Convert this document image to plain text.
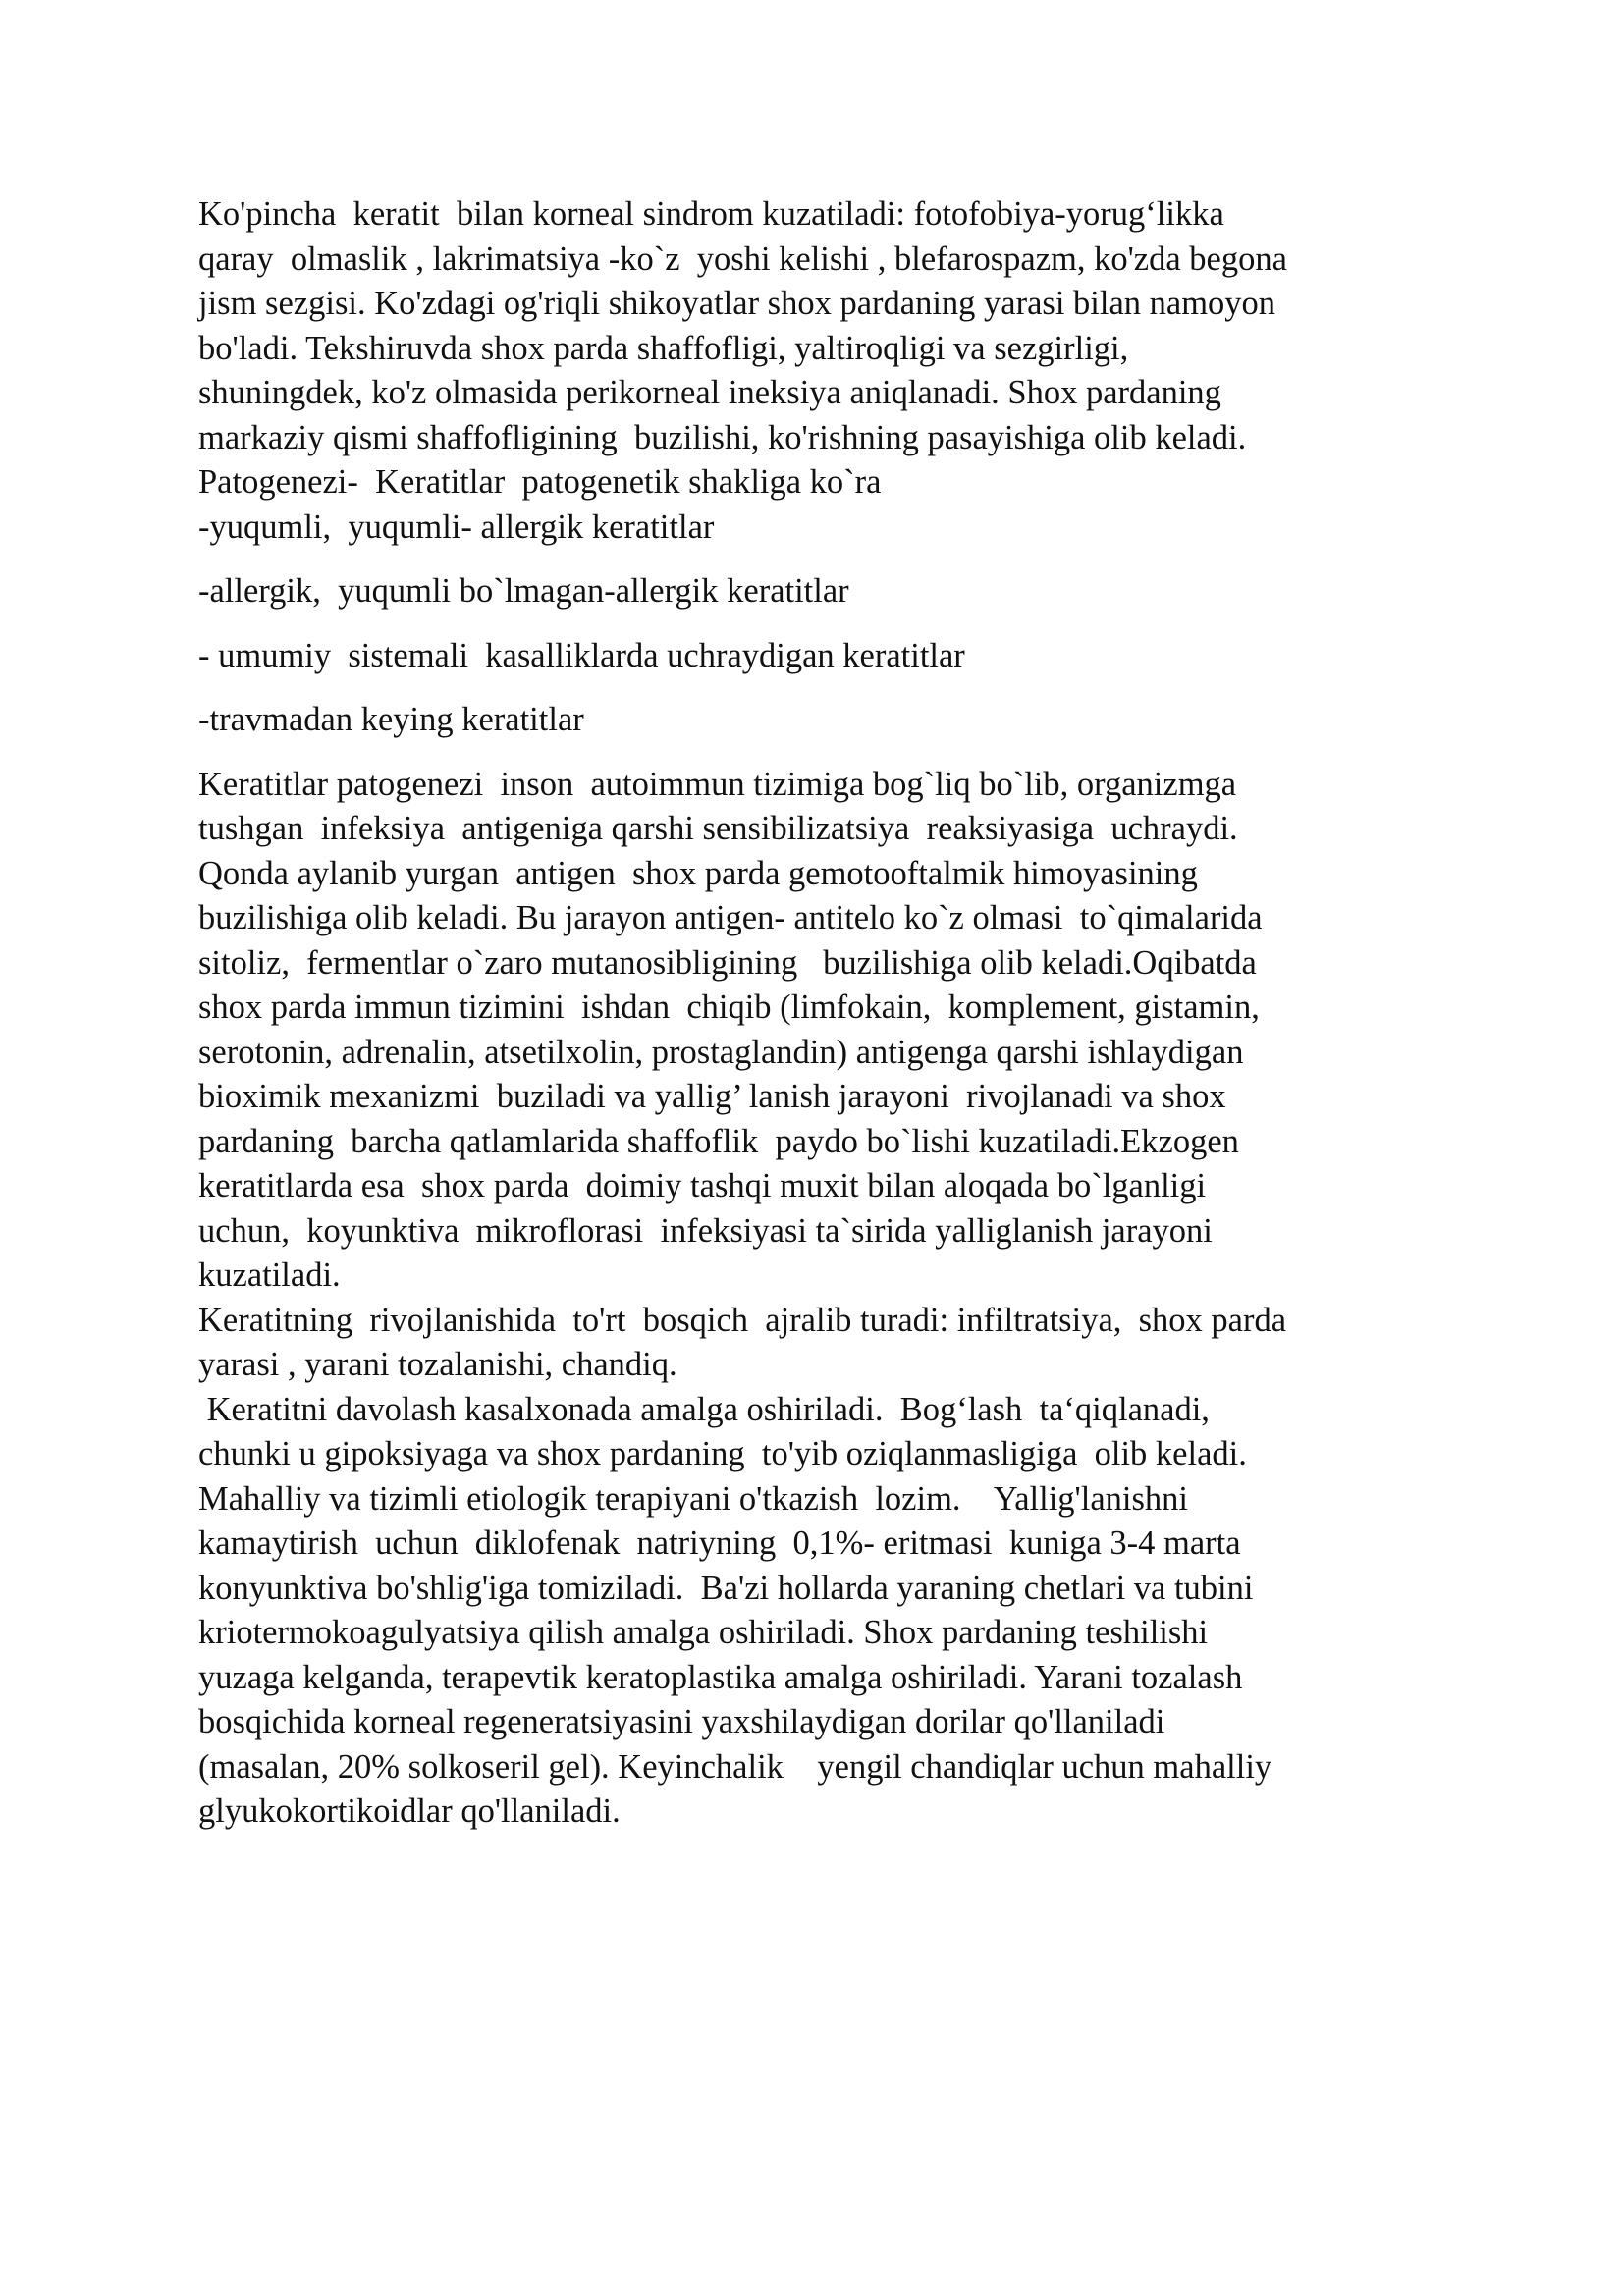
Ko'pincha  keratit  bilan korneal sindrom kuzatiladi: fotofobiya-yorug‘likka
qaray  olmaslik , lakrimatsiya -ko`z  yoshi kelishi , blefarospazm, ko'zda begona
jism sezgisi. Ko'zdagi og'riqli shikoyatlar shox pardaning yarasi bilan namoyon
bo'ladi. Tekshiruvda shox parda shaffofligi, yaltiroqligi va sezgirligi,
shuningdek, ko'z olmasida perikorneal ineksiya aniqlanadi. Shox pardaning
markaziy qismi shaffofligining  buzilishi, ko'rishning pasayishiga olib keladi.
Patogenezi-  Keratitlar  patogenetik shakliga ko`ra
-yuqumli,  yuqumli- allergik keratitlar

-allergik,  yuqumli bo`lmagan-allergik keratitlar

- umumiy  sistemali  kasalliklarda uchraydigan keratitlar

-travmadan keying keratitlar

Keratitlar patogenezi  inson  autoimmun tizimiga bog`liq bo`lib, organizmga
tushgan  infeksiya  antigeniga qarshi sensibilizatsiya  reaksiyasiga  uchraydi.
Qonda aylanib yurgan  antigen  shox parda gemotooftalmik himoyasining
buzilishiga olib keladi. Bu jarayon antigen- antitelo ko`z olmasi  to`qimalarida
sitoliz,  fermentlar o`zaro mutanosibligining   buzilishiga olib keladi.Oqibatda
shox parda immun tizimini  ishdan  chiqib (limfokain,  komplement, gistamin,
serotonin, adrenalin, atsetilxolin, prostaglandin) antigenga qarshi ishlaydigan
bioximik mexanizmi  buziladi va yallig’ lanish jarayoni  rivojlanadi va shox
pardaning  barcha qatlamlarida shaffoflik  paydo bo`lishi kuzatiladi.Ekzogen
keratitlarda esa  shox parda  doimiy tashqi muxit bilan aloqada bo`lganligi
uchun,  koyunktiva  mikroflorasi  infeksiyasi ta`sirida yalliglanish jarayoni
kuzatiladi.
Keratitning  rivojlanishida  to'rt  bosqich  ajralib turadi: infiltratsiya,  shox parda
yarasi , yarani tozalanishi, chandiq.
Keratitni davolash kasalxonada amalga oshiriladi.  Bog‘lash  ta‘qiqlanadi,
chunki u gipoksiyaga va shox pardaning  to'yib oziqlanmasligiga  olib keladi.
Mahalliy va tizimli etiologik terapiyani o'tkazish  lozim.    Yallig'lanishni
kamaytirish  uchun  diklofenak  natriyning  0,1%- eritmasi  kuniga 3-4 marta
konyunktiva bo'shlig'iga tomiziladi.  Ba'zi hollarda yaraning chetlari va tubini
kriotermokoagulyatsiya qilish amalga oshiriladi. Shox pardaning teshilishi
yuzaga kelganda, terapevtik keratoplastika amalga oshiriladi. Yarani tozalash
bosqichida korneal regeneratsiyasini yaxshilaydigan dorilar qo'llaniladi
(masalan, 20% solkoseril gel). Keyinchalik    yengil chandiqlar uchun mahalliy
glyukokortikoidlar qo'llaniladi.
